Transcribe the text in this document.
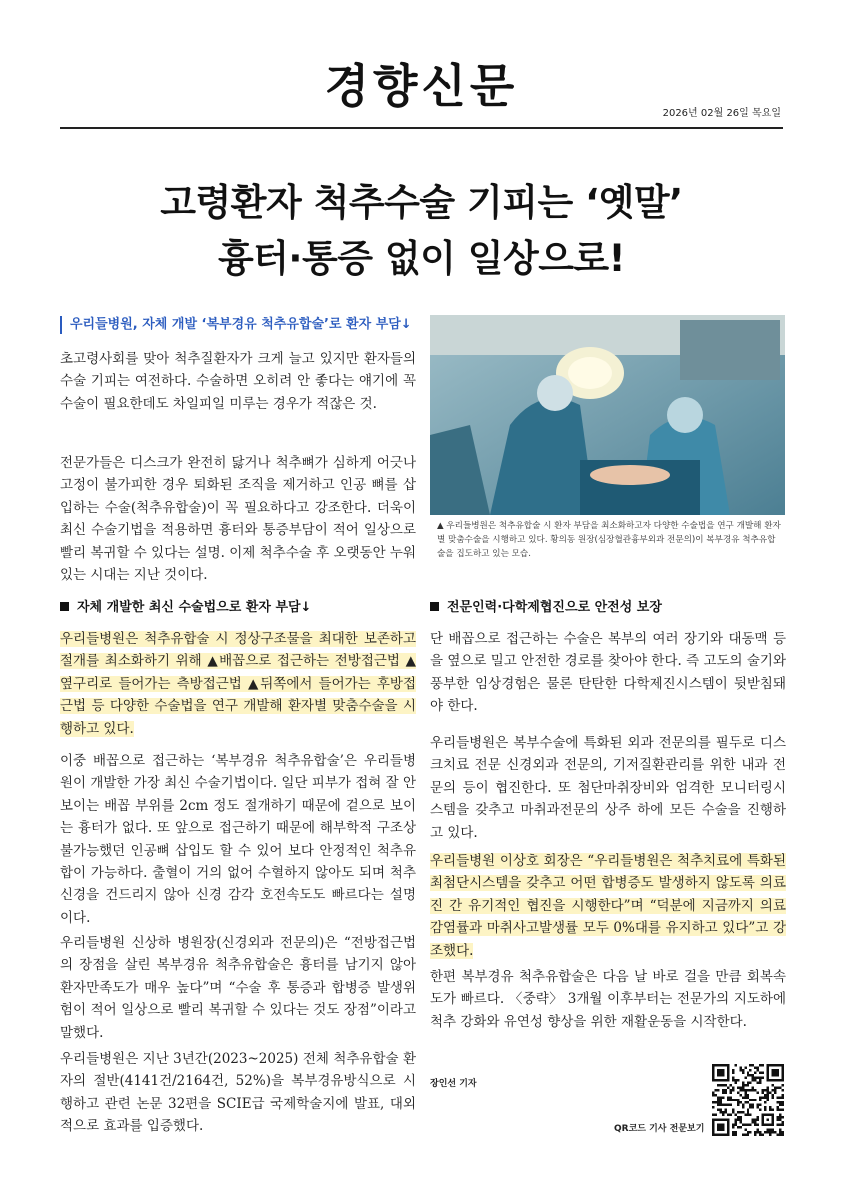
경향신문
2026년 02월 26일 목요일
고령환자 척추수술 기피는 ‘옛말’
흉터·통증 없이 일상으로!
우리들병원, 자체 개발 ‘복부경유 척추유합술’로 환자 부담↓

초고령사회를 맞아 척추질환자가 크게 늘고 있지만 환자들의 수술 기피는 여전하다. 수술하면 오히려 안 좋다는 얘기에 꼭 수술이 필요한데도 차일피일 미루는 경우가 적잖은 것.

전문가들은 디스크가 완전히 닳거나 척추뼈가 심하게 어긋나 고정이 불가피한 경우 퇴화된 조직을 제거하고 인공 뼈를 삽입하는 수술(척추유합술)이 꼭 필요하다고 강조한다. 더욱이 최신 수술기법을 적용하면 흉터와 통증부담이 적어 일상으로 빨리 복귀할 수 있다는 설명. 이제 척추수술 후 오랫동안 누워 있는 시대는 지난 것이다.

자체 개발한 최신 수술법으로 환자 부담↓

우리들병원은 척추유합술 시 정상구조물을 최대한 보존하고 절개를 최소화하기 위해 ▲배꼽으로 접근하는 전방접근법 ▲옆구리로 들어가는 측방접근법 ▲뒤쪽에서 들어가는 후방접근법 등 다양한 수술법을 연구 개발해 환자별 맞춤수술을 시행하고 있다.

이중 배꼽으로 접근하는 ‘복부경유 척추유합술’은 우리들병원이 개발한 가장 최신 수술기법이다. 일단 피부가 접혀 잘 안 보이는 배꼽 부위를 2cm 정도 절개하기 때문에 겉으로 보이는 흉터가 없다. 또 앞으로 접근하기 때문에 해부학적 구조상 불가능했던 인공뼈 삽입도 할 수 있어 보다 안정적인 척추유합이 가능하다. 출혈이 거의 없어 수혈하지 않아도 되며 척추 신경을 건드리지 않아 신경 감각 호전속도도 빠르다는 설명이다.

우리들병원 신상하 병원장(신경외과 전문의)은 “전방접근법의 장점을 살린 복부경유 척추유합술은 흉터를 남기지 않아 환자만족도가 매우 높다”며 “수술 후 통증과 합병증 발생위험이 적어 일상으로 빨리 복귀할 수 있다는 것도 장점”이라고 말했다.

우리들병원은 지난 3년간(2023~2025) 전체 척추유합술 환자의 절반(4141건/2164건, 52%)을 복부경유방식으로 시행하고 관련 논문 32편을 SCIE급 국제학술지에 발표, 대외적으로 효과를 입증했다.

▲ 우리들병원은 척추유합술 시 환자 부담을 최소화하고자 다양한 수술법을 연구 개발해 환자별 맞춤수술을 시행하고 있다. 황의동 원장(심장혈관흉부외과 전문의)이 복부경유 척추유합술을 집도하고 있는 모습.
전문인력·다학제협진으로 안전성 보장

단 배꼽으로 접근하는 수술은 복부의 여러 장기와 대동맥 등을 옆으로 밀고 안전한 경로를 찾아야 한다. 즉 고도의 술기와 풍부한 임상경험은 물론 탄탄한 다학제진시스템이 뒷받침돼야 한다.

우리들병원은 복부수술에 특화된 외과 전문의를 필두로 디스크치료 전문 신경외과 전문의, 기저질환관리를 위한 내과 전문의 등이 협진한다. 또 첨단마취장비와 엄격한 모니터링시스템을 갖추고 마취과전문의 상주 하에 모든 수술을 진행하고 있다.

우리들병원 이상호 회장은 “우리들병원은 척추치료에 특화된 최첨단시스템을 갖추고 어떤 합병증도 발생하지 않도록 의료진 간 유기적인 협진을 시행한다”며 “덕분에 지금까지 의료감염률과 마취사고발생률 모두 0%대를 유지하고 있다”고 강조했다.

한편 복부경유 척추유합술은 다음 날 바로 걸을 만큼 회복속도가 빠르다. 〈중략〉 3개월 이후부터는 전문가의 지도하에 척추 강화와 유연성 향상을 위한 재활운동을 시작한다.

장인선 기자
QR코드 기사 전문보기
